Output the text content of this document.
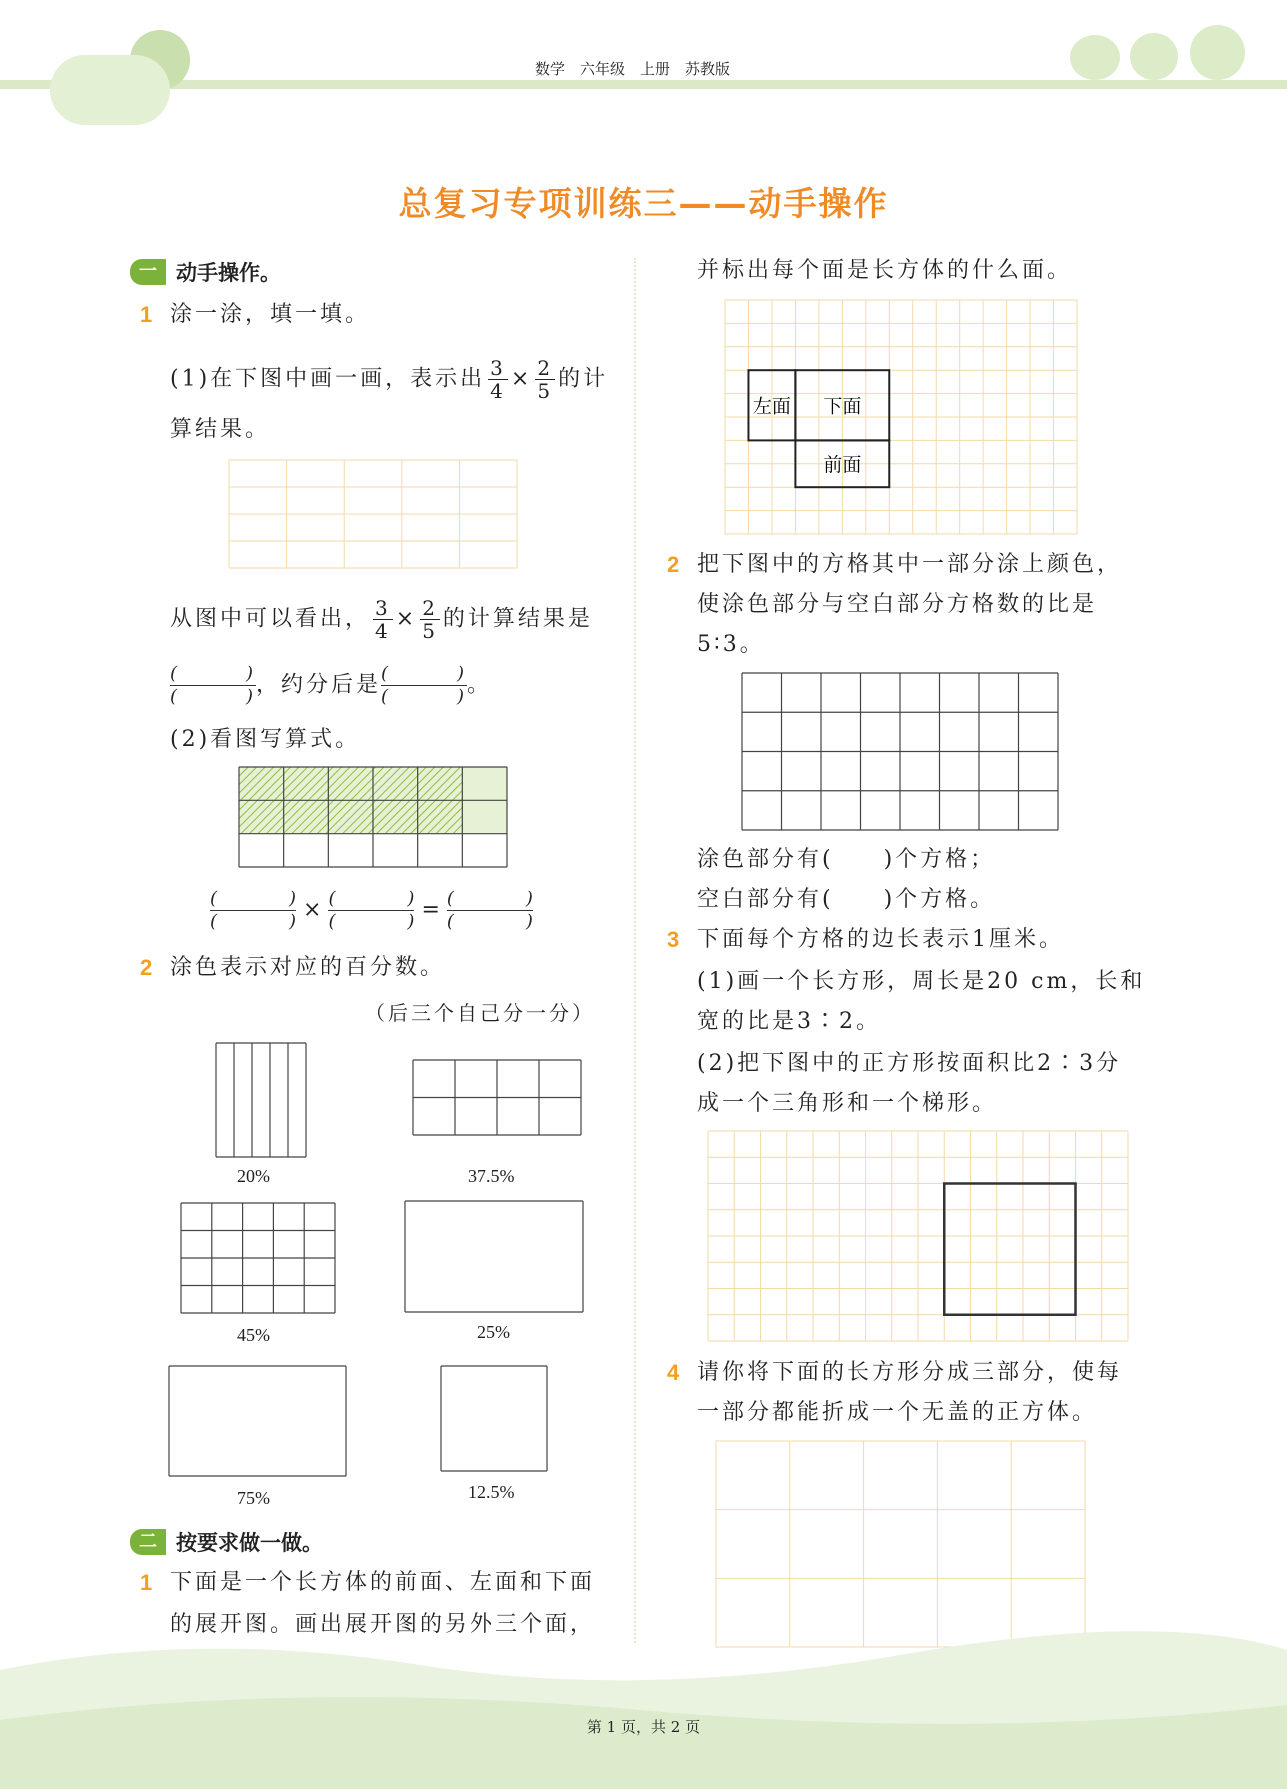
数学　六年级　上册　苏教版
总复习专项训练三——动手操作
一 动手操作。
1 涂一涂，填一填。
(1)在下图中画一画，表示出 $\frac{3}{4} \times \frac{2}{5}$ 的计
算结果。
从图中可以看出， $\frac{3}{4} \times \frac{2}{5}$ 的计算结果是
(	)
(	) ，约分后是 (	)
(	) 。
(2)看图写算式。
(	)
(	) × (	)
(	) = (	)
(	)
2 涂色表示对应的百分数。
（后三个自己分一分）
20%	37.5%
45%	25%
75%	12.5%
二 按要求做一做。
1 下面是一个长方体的前面、左面和下面
的展开图。画出展开图的另外三个面，
并标出每个面是长方体的什么面。
左面 下面
前面
2 把下图中的方格其中一部分涂上颜色，
使涂色部分与空白部分方格数的比是
5∶3。
涂色部分有(　　)个方格；
空白部分有(　　)个方格。
3 下面每个方格的边长表示1厘米。
(1)画一个长方形，周长是20 cm，长和
宽的比是3∶2。
(2)把下图中的正方形按面积比2∶3分
成一个三角形和一个梯形。
4 请你将下面的长方形分成三部分，使每
一部分都能折成一个无盖的正方体。
第 1 页，共 2 页
